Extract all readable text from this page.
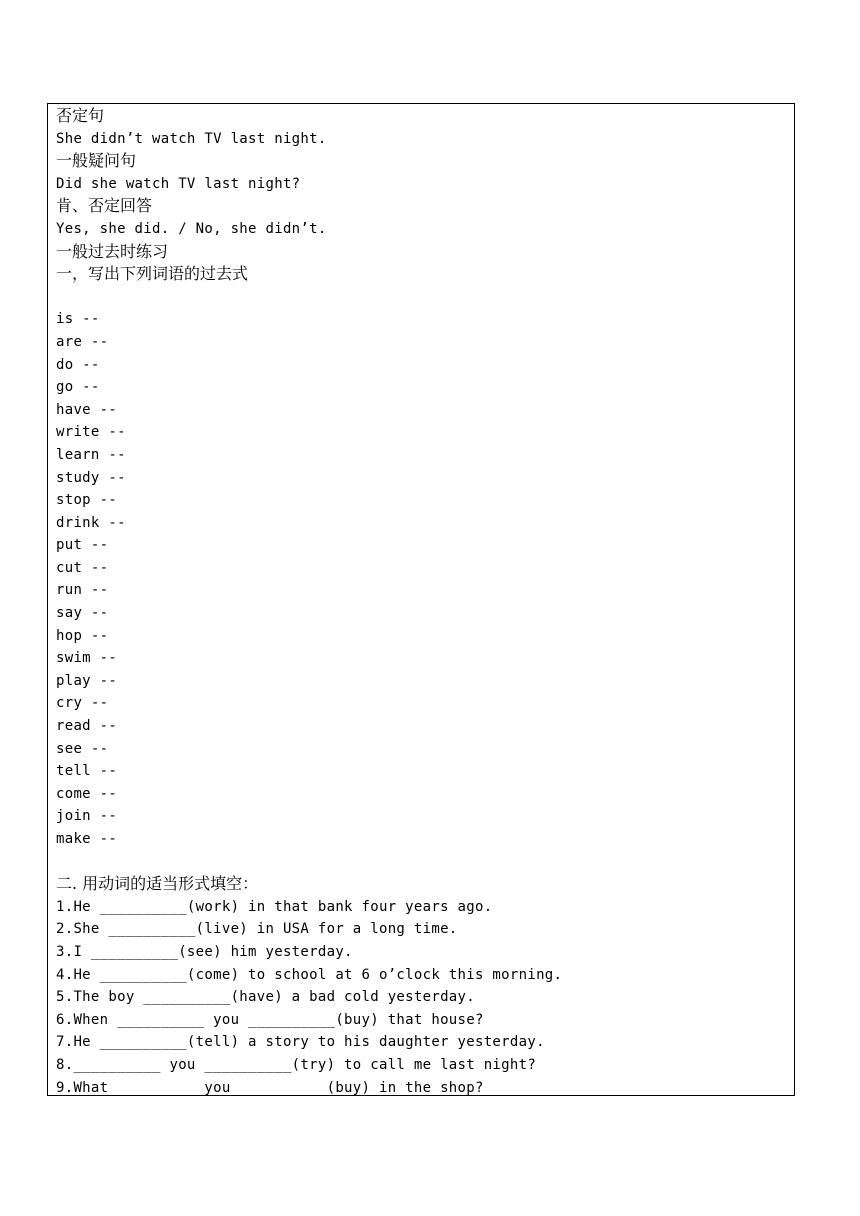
否定句
She didn’t watch TV last night.
一般疑问句
Did she watch TV last night?
肯、否定回答
Yes, she did. / No, she didn’t.
一般过去时练习
一，写出下列词语的过去式
is --
are --
do --
go --
have --
write --
learn --
study --
stop --
drink --
put --
cut --
run --
say --
hop --
swim --
play --
cry --
read --
see --
tell --
come --
join --
make --
二. 用动词的适当形式填空：
1.He __________(work) in that bank four years ago.
2.She __________(live) in USA for a long time.
3.I __________(see) him yesterday.
4.He __________(come) to school at 6 o’clock this morning.
5.The boy __________(have) a bad cold yesterday.
6.When __________ you __________(buy) that house?
7.He __________(tell) a story to his daughter yesterday.
8.__________ you __________(try) to call me last night?
9.What __________you __________(buy) in the shop?
